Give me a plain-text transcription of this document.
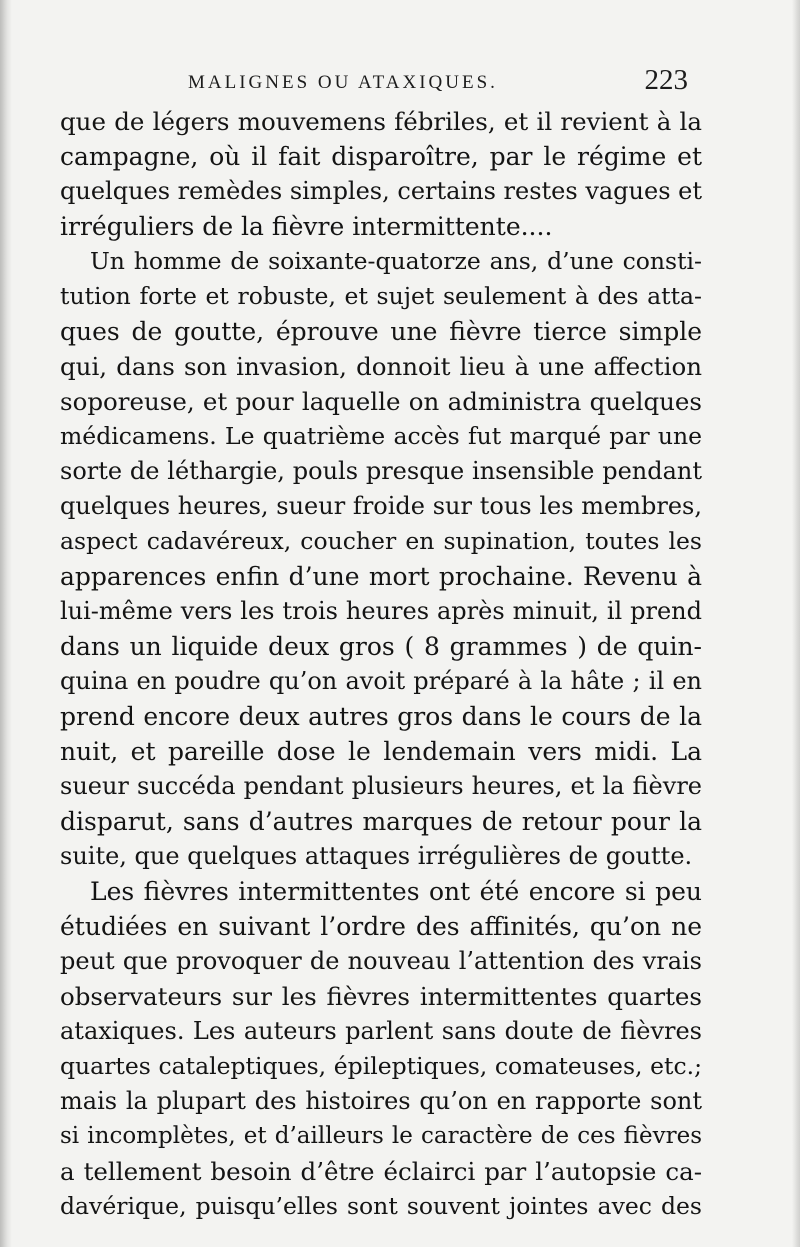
MALIGNES OU ATAXIQUES.	223
que de légers mouvemens fébriles, et il revient à la
campagne, où il fait disparoître, par le régime et
quelques remèdes simples, certains restes vagues et
irréguliers de la fièvre intermittente....
Un homme de soixante-quatorze ans, d’une consti-
tution forte et robuste, et sujet seulement à des atta-
ques de goutte, éprouve une fièvre tierce simple
qui, dans son invasion, donnoit lieu à une affection
soporeuse, et pour laquelle on administra quelques
médicamens. Le quatrième accès fut marqué par une
sorte de léthargie, pouls presque insensible pendant
quelques heures, sueur froide sur tous les membres,
aspect cadavéreux, coucher en supination, toutes les
apparences enfin d’une mort prochaine. Revenu à
lui-même vers les trois heures après minuit, il prend
dans un liquide deux gros ( 8 grammes ) de quin-
quina en poudre qu’on avoit préparé à la hâte ; il en
prend encore deux autres gros dans le cours de la
nuit, et pareille dose le lendemain vers midi. La
sueur succéda pendant plusieurs heures, et la fièvre
disparut, sans d’autres marques de retour pour la
suite, que quelques attaques irrégulières de goutte.
Les fièvres intermittentes ont été encore si peu
étudiées en suivant l’ordre des affinités, qu’on ne
peut que provoquer de nouveau l’attention des vrais
observateurs sur les fièvres intermittentes quartes
ataxiques. Les auteurs parlent sans doute de fièvres
quartes cataleptiques, épileptiques, comateuses, etc.;
mais la plupart des histoires qu’on en rapporte sont
si incomplètes, et d’ailleurs le caractère de ces fièvres
a tellement besoin d’être éclairci par l’autopsie ca-
davérique, puisqu’elles sont souvent jointes avec des
